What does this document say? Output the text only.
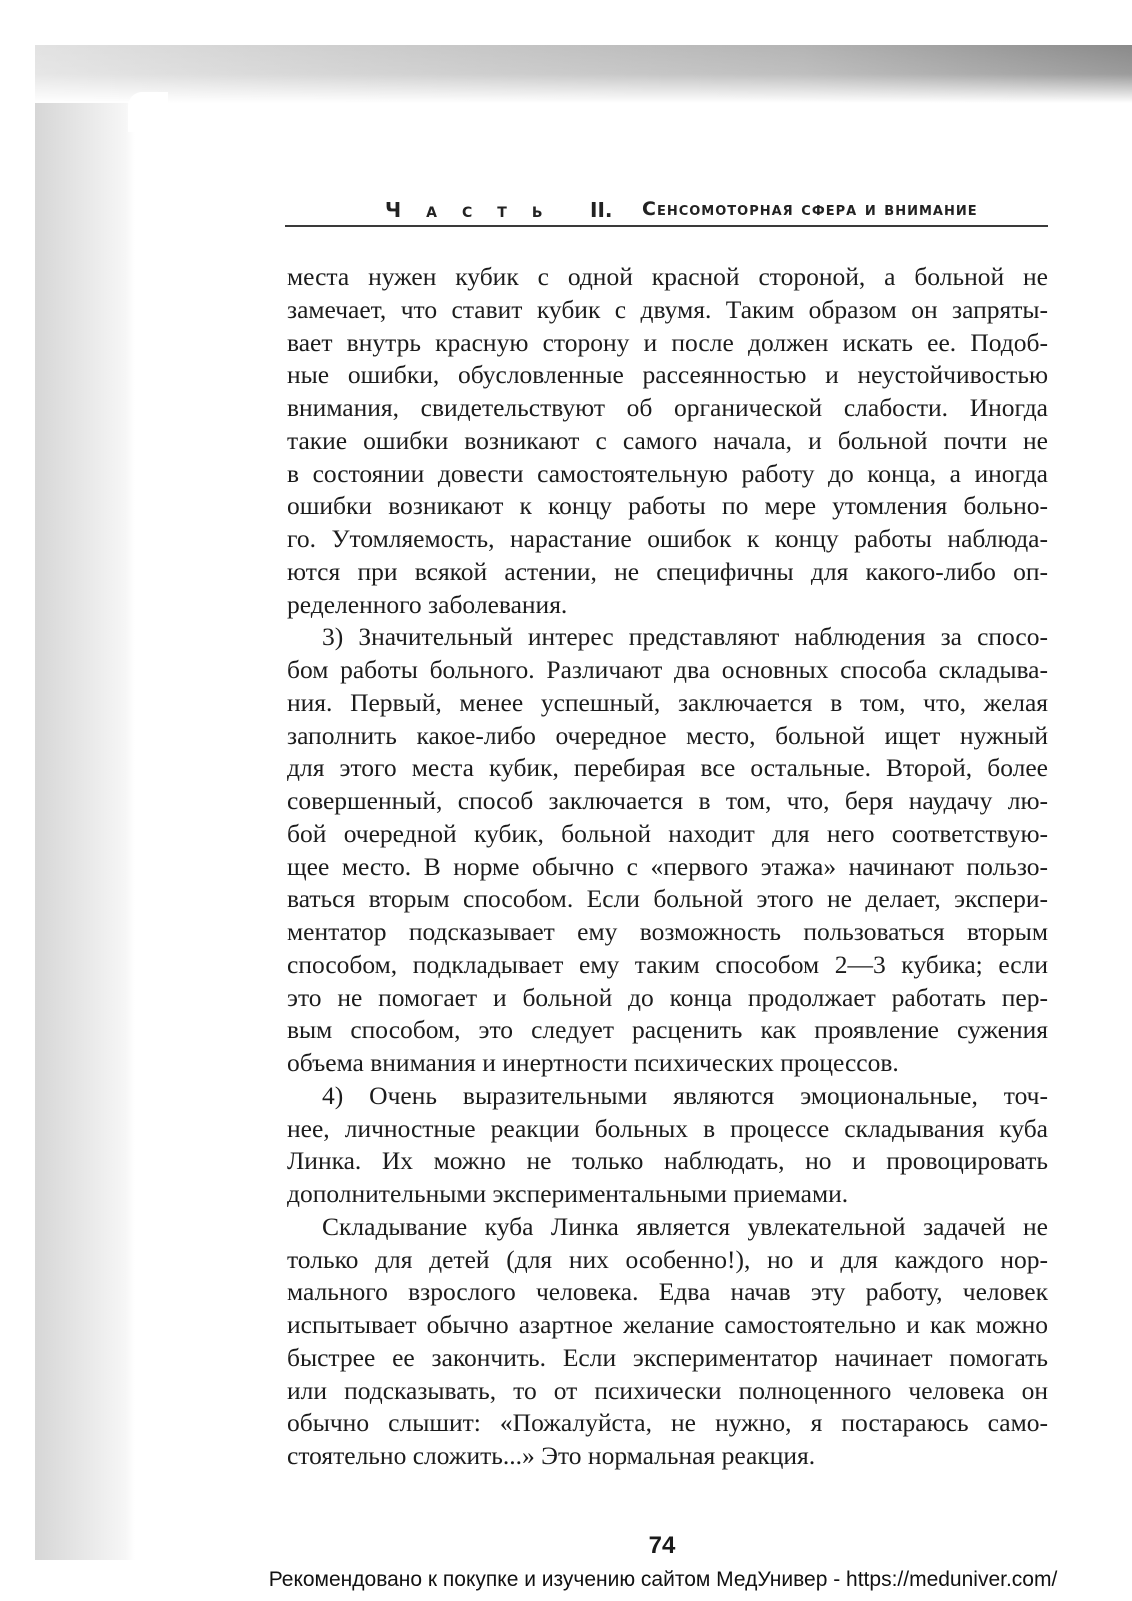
Часть II. Сенсомоторная сфера и внимание
места нужен кубик с одной красной стороной, а больной не
замечает, что ставит кубик с двумя. Таким образом он запряты-
вает внутрь красную сторону и после должен искать ее. Подоб-
ные ошибки, обусловленные рассеянностью и неустойчивостью
внимания, свидетельствуют об органической слабости. Иногда
такие ошибки возникают с самого начала, и больной почти не
в состоянии довести самостоятельную работу до конца, а иногда
ошибки возникают к концу работы по мере утомления больно-
го. Утомляемость, нарастание ошибок к концу работы наблюда-
ются при всякой астении, не специфичны для какого-либо оп-
ределенного заболевания.
3) Значительный интерес представляют наблюдения за спосо-
бом работы больного. Различают два основных способа складыва-
ния. Первый, менее успешный, заключается в том, что, желая
заполнить какое-либо очередное место, больной ищет нужный
для этого места кубик, перебирая все остальные. Второй, более
совершенный, способ заключается в том, что, беря наудачу лю-
бой очередной кубик, больной находит для него соответствую-
щее место. В норме обычно с «первого этажа» начинают пользо-
ваться вторым способом. Если больной этого не делает, экспери-
ментатор подсказывает ему возможность пользоваться вторым
способом, подкладывает ему таким способом 2—3 кубика; если
это не помогает и больной до конца продолжает работать пер-
вым способом, это следует расценить как проявление сужения
объема внимания и инертности психических процессов.
4) Очень выразительными являются эмоциональные, точ-
нее, личностные реакции больных в процессе складывания куба
Линка. Их можно не только наблюдать, но и провоцировать
дополнительными экспериментальными приемами.
Складывание куба Линка является увлекательной задачей не
только для детей (для них особенно!), но и для каждого нор-
мального взрослого человека. Едва начав эту работу, человек
испытывает обычно азартное желание самостоятельно и как можно
быстрее ее закончить. Если экспериментатор начинает помогать
или подсказывать, то от психически полноценного человека он
обычно слышит: «Пожалуйста, не нужно, я постараюсь само-
стоятельно сложить...» Это нормальная реакция.
74
Рекомендовано к покупке и изучению сайтом МедУнивер - https://meduniver.com/
